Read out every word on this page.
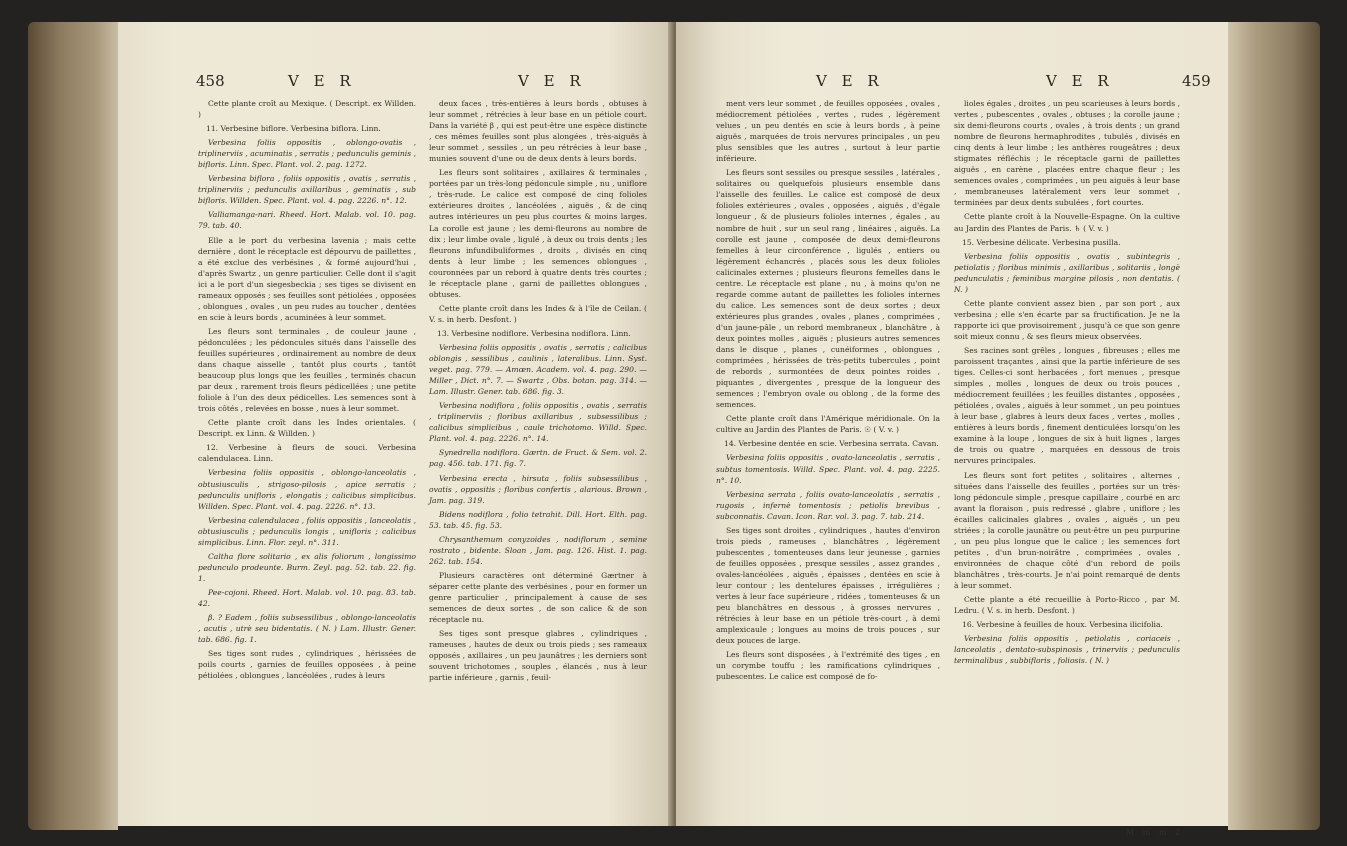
458	V E R	V E R

Cette plante croît au Mexique. ( Descript. ex Willden. )

11. Verbesine biflore. Verbesina biflora. Linn.

Verbesina foliis oppositis , oblongo-ovatis , triplinerviis , acuminatis , serratis ; pedunculis geminis , bifloris. Linn. Spec. Plant. vol. 2. pag. 1272.

Verbesina biflora , foliis oppositis , ovatis , serratis , triplinerviis ; pedunculis axillaribus , geminatis , sub bifloris. Willden. Spec. Plant. vol. 4. pag. 2226. n°. 12.

Valliamanga-nari. Rheed. Hort. Malab. vol. 10. pag. 79. tab. 40.

Elle a le port du verbesina lavenia ; mais cette dernière , dont le réceptacle est dépourvu de paillettes , a été exclue des verbésines , & formé aujourd'hui , d'après Swartz , un genre particulier. Celle dont il s'agit ici a le port d'un siegesbeckia ; ses tiges se divisent en rameaux opposés ; ses feuilles sont pétiolées , opposées , oblongues , ovales , un peu rudes au toucher , dentées en scie à leurs bords , acuminées à leur sommet.

Les fleurs sont terminales , de couleur jaune , pédonculées ; les pédoncules situés dans l'aisselle des feuilles supérieures , ordinairement au nombre de deux dans chaque aisselle , tantôt plus courts , tantôt beaucoup plus longs que les feuilles , terminés chacun par deux , rarement trois fleurs pédicellées ; une petite foliole à l'un des deux pédicelles. Les semences sont à trois côtés , relevées en bosse , nues à leur sommet.

Cette plante croît dans les Indes orientales. ( Descript. ex Linn. & Willden. )

12. Verbesine à fleurs de souci. Verbesina calendulacea. Linn.

Verbesina foliis oppositis , oblongo-lanceolatis , obtusiusculis , strigoso-pilosis , apice serratis ; pedunculis unifloris , elongatis ; calicibus simplicibus. Willden. Spec. Plant. vol. 4. pag. 2226. n°. 13.

Verbesina calendulacea , foliis oppositis , lanceolatis , obtusiusculis ; pedunculis longis , unifloris ; calicibus simplicibus. Linn. Flor. zeyl. n°. 311.

Caltha flore solitario , ex alis foliorum , longissimo pedunculo prodeunte. Burm. Zeyl. pag. 52. tab. 22. fig. 1.

Pee-cojoni. Rheed. Hort. Malab. vol. 10. pag. 83. tab. 42.

β. ? Eadem , foliis subsessilibus , oblongo-lanceolatis , acutis , utrè seu bidentatis. ( N. ) Lam. Illustr. Gener. tab. 686. fig. 1.

Ses tiges sont rudes , cylindriques , hérissées de poils courts , garnies de feuilles opposées , à peine pétiolées , oblongues , lancéolées , rudes à leurs

deux faces , très-entières à leurs bords , obtuses à leur sommet , rétrécies à leur base en un pétiole court. Dans la variété β , qui est peut-être une espèce distincte , ces mêmes feuilles sont plus alongées , très-aiguës à leur sommet , sessiles , un peu rétrécies à leur base , munies souvent d'une ou de deux dents à leurs bords.

Les fleurs sont solitaires , axillaires & terminales , portées par un très-long pédoncule simple , nu , uniflore , très-rude. Le calice est composé de cinq folioles extérieures droites , lancéolées , aiguës , & de cinq autres intérieures un peu plus courtes & moins larges. La corolle est jaune ; les demi-fleurons au nombre de dix ; leur limbe ovale , ligulé , à deux ou trois dents ; les fleurons infundibuliformes , droits , divisés en cinq dents à leur limbe ; les semences oblongues , couronnées par un rebord à quatre dents très courtes ; le réceptacle plane , garni de paillettes oblongues , obtuses.

Cette plante croît dans les Indes & à l'île de Ceilan. ( V. s. in herb. Desfont. )

13. Verbesine nodiflore. Verbesina nodiflora. Linn.

Verbesina foliis oppositis , ovatis , serratis ; calicibus oblongis , sessilibus , caulinis , lateralibus. Linn. Syst. veget. pag. 779. — Amœn. Academ. vol. 4. pag. 290. — Miller , Dict. n°. 7. — Swartz , Obs. botan. pag. 314. — Lam. Illustr. Gener. tab. 686. fig. 3.

Verbesina nodiflora , foliis oppositis , ovatis , serratis , triplinerviis ; floribus axillaribus , subsessilibus ; calicibus simplicibus , caule trichotomo. Willd. Spec. Plant. vol. 4. pag. 2226. n°. 14.

Synedrella nodiflora. Gærtn. de Fruct. & Sem. vol. 2. pag. 456. tab. 171. fig. 7.

Verbesina erecta , hirsuta , foliis subsessilibus , ovatis , oppositis ; floribus confertis , alarious. Brown , Jam. pag. 319.

Bidens nodiflora , folio tetrahit. Dill. Hort. Elth. pag. 53. tab. 45. fig. 53.

Chrysanthemum conyzoides , nodiflorum , semine rostrato , bidente. Sloan , Jam. pag. 126. Hist. 1. pag. 262. tab. 154.

Plusieurs caractères ont déterminé Gærtner à séparer cette plante des verbésines , pour en former un genre particulier , principalement à cause de ses semences de deux sortes , de son calice & de son réceptacle nu.

Ses tiges sont presque glabres , cylindriques , rameuses , hautes de deux ou trois pieds ; ses rameaux opposés , axillaires , un peu jaunâtres ; les derniers sont souvent trichotomes , souples , élancés , nus à leur partie inférieure , garnis , feuil-

V E R	V E R	459

ment vers leur sommet , de feuilles opposées , ovales , médiocrement pétiolées , vertes , rudes , légèrement velues , un peu dentés en scie à leurs bords , à peine aiguës , marquées de trois nervures principales , un peu plus sensibles que les autres , surtout à leur partie inférieure.

Les fleurs sont sessiles ou presque sessiles , latérales , solitaires ou quelquefois plusieurs ensemble dans l'aisselle des feuilles. Le calice est composé de deux folioles extérieures , ovales , opposées , aiguës , d'égale longueur , & de plusieurs folioles internes , égales , au nombre de huit , sur un seul rang , linéaires , aiguës. La corolle est jaune , composée de deux demi-fleurons femelles à leur circonférence , ligulés , entiers ou légèrement échancrés , placés sous les deux folioles calicinales externes ; plusieurs fleurons femelles dans le centre. Le réceptacle est plane , nu , à moins qu'on ne regarde comme autant de paillettes les folioles internes du calice. Les semences sont de deux sortes ; deux extérieures plus grandes , ovales , planes , comprimées , d'un jaune-pâle , un rebord membraneux , blanchâtre , à deux pointes molles , aiguës ; plusieurs autres semences dans le disque , planes , cunéiformes , oblongues , comprimées , hérissées de très-petits tubercules , point de rebords , surmontées de deux pointes roides , piquantes , divergentes , presque de la longueur des semences ; l'embryon ovale ou oblong , de la forme des semences.

Cette plante croît dans l'Amérique méridionale. On la cultive au Jardin des Plantes de Paris. ☉ ( V. v. )

14. Verbesine dentée en scie. Verbesina serrata. Cavan.

Verbesina foliis oppositis , ovato-lanceolatis , serratis , subtus tomentosis. Willd. Spec. Plant. vol. 4. pag. 2225. n°. 10.

Verbesina serrata , foliis ovato-lanceolatis , serratis , rugosis , infernè tomentosis ; petiolis brevibus , subconnatis. Cavan. Icon. Rar. vol. 3. pag. 7. tab. 214.

Ses tiges sont droites , cylindriques , hautes d'environ trois pieds , rameuses , blanchâtres , légèrement pubescentes , tomenteuses dans leur jeunesse , garnies de feuilles opposées , presque sessiles , assez grandes , ovales-lancéolées , aiguës , épaisses , dentées en scie à leur contour ; les dentelures épaisses , irrégulières ; vertes à leur face supérieure , ridées , tomenteuses & un peu blanchâtres en dessous , à grosses nervures , rétrécies à leur base en un pétiole très-court , à demi amplexicaule ; longues au moins de trois pouces , sur deux pouces de large.

Les fleurs sont disposées , à l'extrémité des tiges , en un corymbe touffu ; les ramifications cylindriques , pubescentes. Le calice est composé de fo-

lioles égales , droites , un peu scarieuses à leurs bords , vertes , pubescentes , ovales , obtuses ; la corolle jaune ; six demi-fleurons courts , ovales , à trois dents ; un grand nombre de fleurons hermaphrodites , tubulés , divisés en cinq dents à leur limbe ; les anthères rougeâtres ; deux stigmates réfléchis ; le réceptacle garni de paillettes aiguës , en carène , placées entre chaque fleur ; les semences ovales , comprimées , un peu aiguës à leur base , membraneuses latéralement vers leur sommet , terminées par deux dents subulées , fort courtes.

Cette plante croît à la Nouvelle-Espagne. On la cultive au Jardin des Plantes de Paris. ♄ ( V. v. )

15. Verbesine délicate. Verbesina pusilla.

Verbesina foliis oppositis , ovatis , subintegris , petiolatis ; floribus minimis , axillaribus , solitariis , longè pedunculatis ; feminibus margine pilosis , non dentatis. ( N. )

Cette plante convient assez bien , par son port , aux verbesina ; elle s'en écarte par sa fructification. Je ne la rapporte ici que provisoirement , jusqu'à ce que son genre soit mieux connu , & ses fleurs mieux observées.

Ses racines sont grêles , longues , fibreuses ; elles me paroissent traçantes , ainsi que la partie inférieure de ses tiges. Celles-ci sont herbacées , fort menues , presque simples , molles , longues de deux ou trois pouces , médiocrement feuillées ; les feuilles distantes , opposées , pétiolées , ovales , aiguës à leur sommet , un peu pointues à leur base , glabres à leurs deux faces , vertes , molles , entières à leurs bords , finement denticulées lorsqu'on les examine à la loupe , longues de six à huit lignes , larges de trois ou quatre , marquées en dessous de trois nervures principales.

Les fleurs sont fort petites , solitaires , alternes , situées dans l'aisselle des feuilles , portées sur un très-long pédoncule simple , presque capillaire , courbé en arc avant la floraison , puis redressé , glabre , uniflore ; les écailles calicinales glabres , ovales , aiguës , un peu striées ; la corolle jaunâtre ou peut-être un peu purpurine , un peu plus longue que le calice ; les semences fort petites , d'un brun-noirâtre , comprimées , ovales , environnées de chaque côté d'un rebord de poils blanchâtres , très-courts. Je n'ai point remarqué de dents à leur sommet.

Cette plante a été recueillie à Porto-Ricco , par M. Ledru. ( V. s. in herb. Desfont. )

16. Verbesine à feuilles de houx. Verbesina ilicifolia.

Verbesina foliis oppositis , petiolatis , coriaceis , lanceolatis , dentato-subspinosis , trinerviis ; pedunculis terminalibus , subbifloris , foliosis. ( N. )

M m m 2
